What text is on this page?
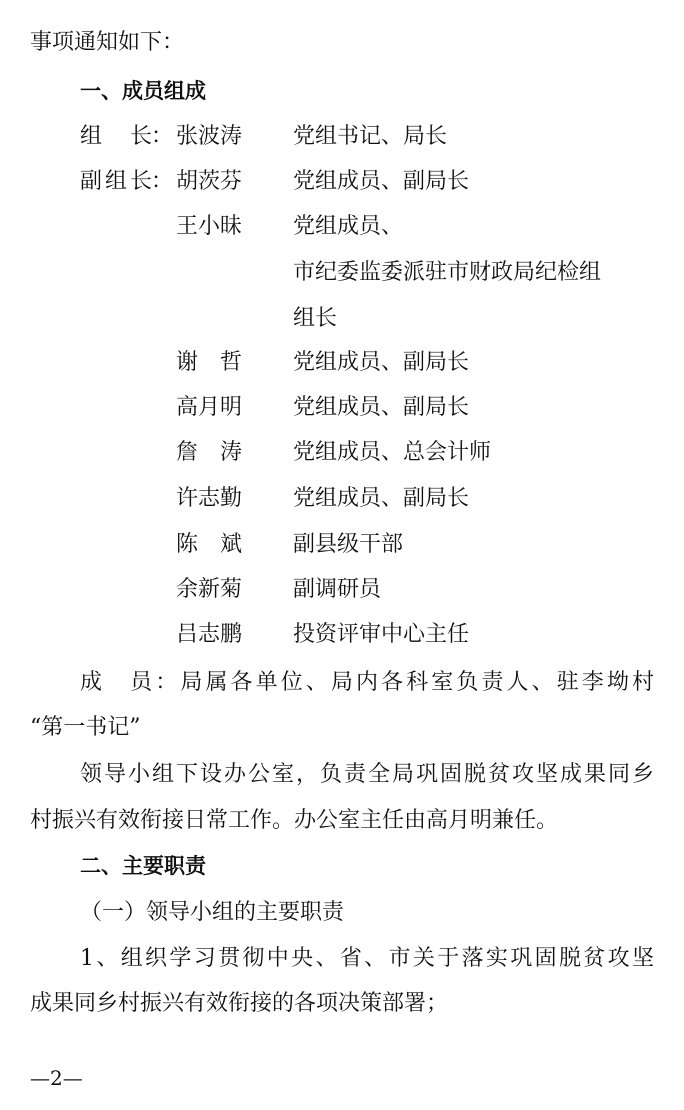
事项通知如下：
一、成员组成
组　长 ： 张波涛 党组书记、局长
副组长 ： 胡茨芬 党组成员、副局长
王小昧 党组成员、
市纪委监委派驻市财政局纪检组
组长
谢哲 党组成员、副局长
高月明 党组成员、副局长
詹涛 党组成员、总会计师
许志勤 党组成员、副局长
陈斌 副县级干部
余新菊 副调研员
吕志鹏 投资评审中心主任
成　员：局属各单位、局内各科室负责人、驻李坳村
“第一书记”
领导小组下设办公室，负责全局巩固脱贫攻坚成果同乡
村振兴有效衔接日常工作。办公室主任由高月明兼任。
二、主要职责
（一）领导小组的主要职责
1、组织学习贯彻中央、省、市关于落实巩固脱贫攻坚
成果同乡村振兴有效衔接的各项决策部署；
—2—
